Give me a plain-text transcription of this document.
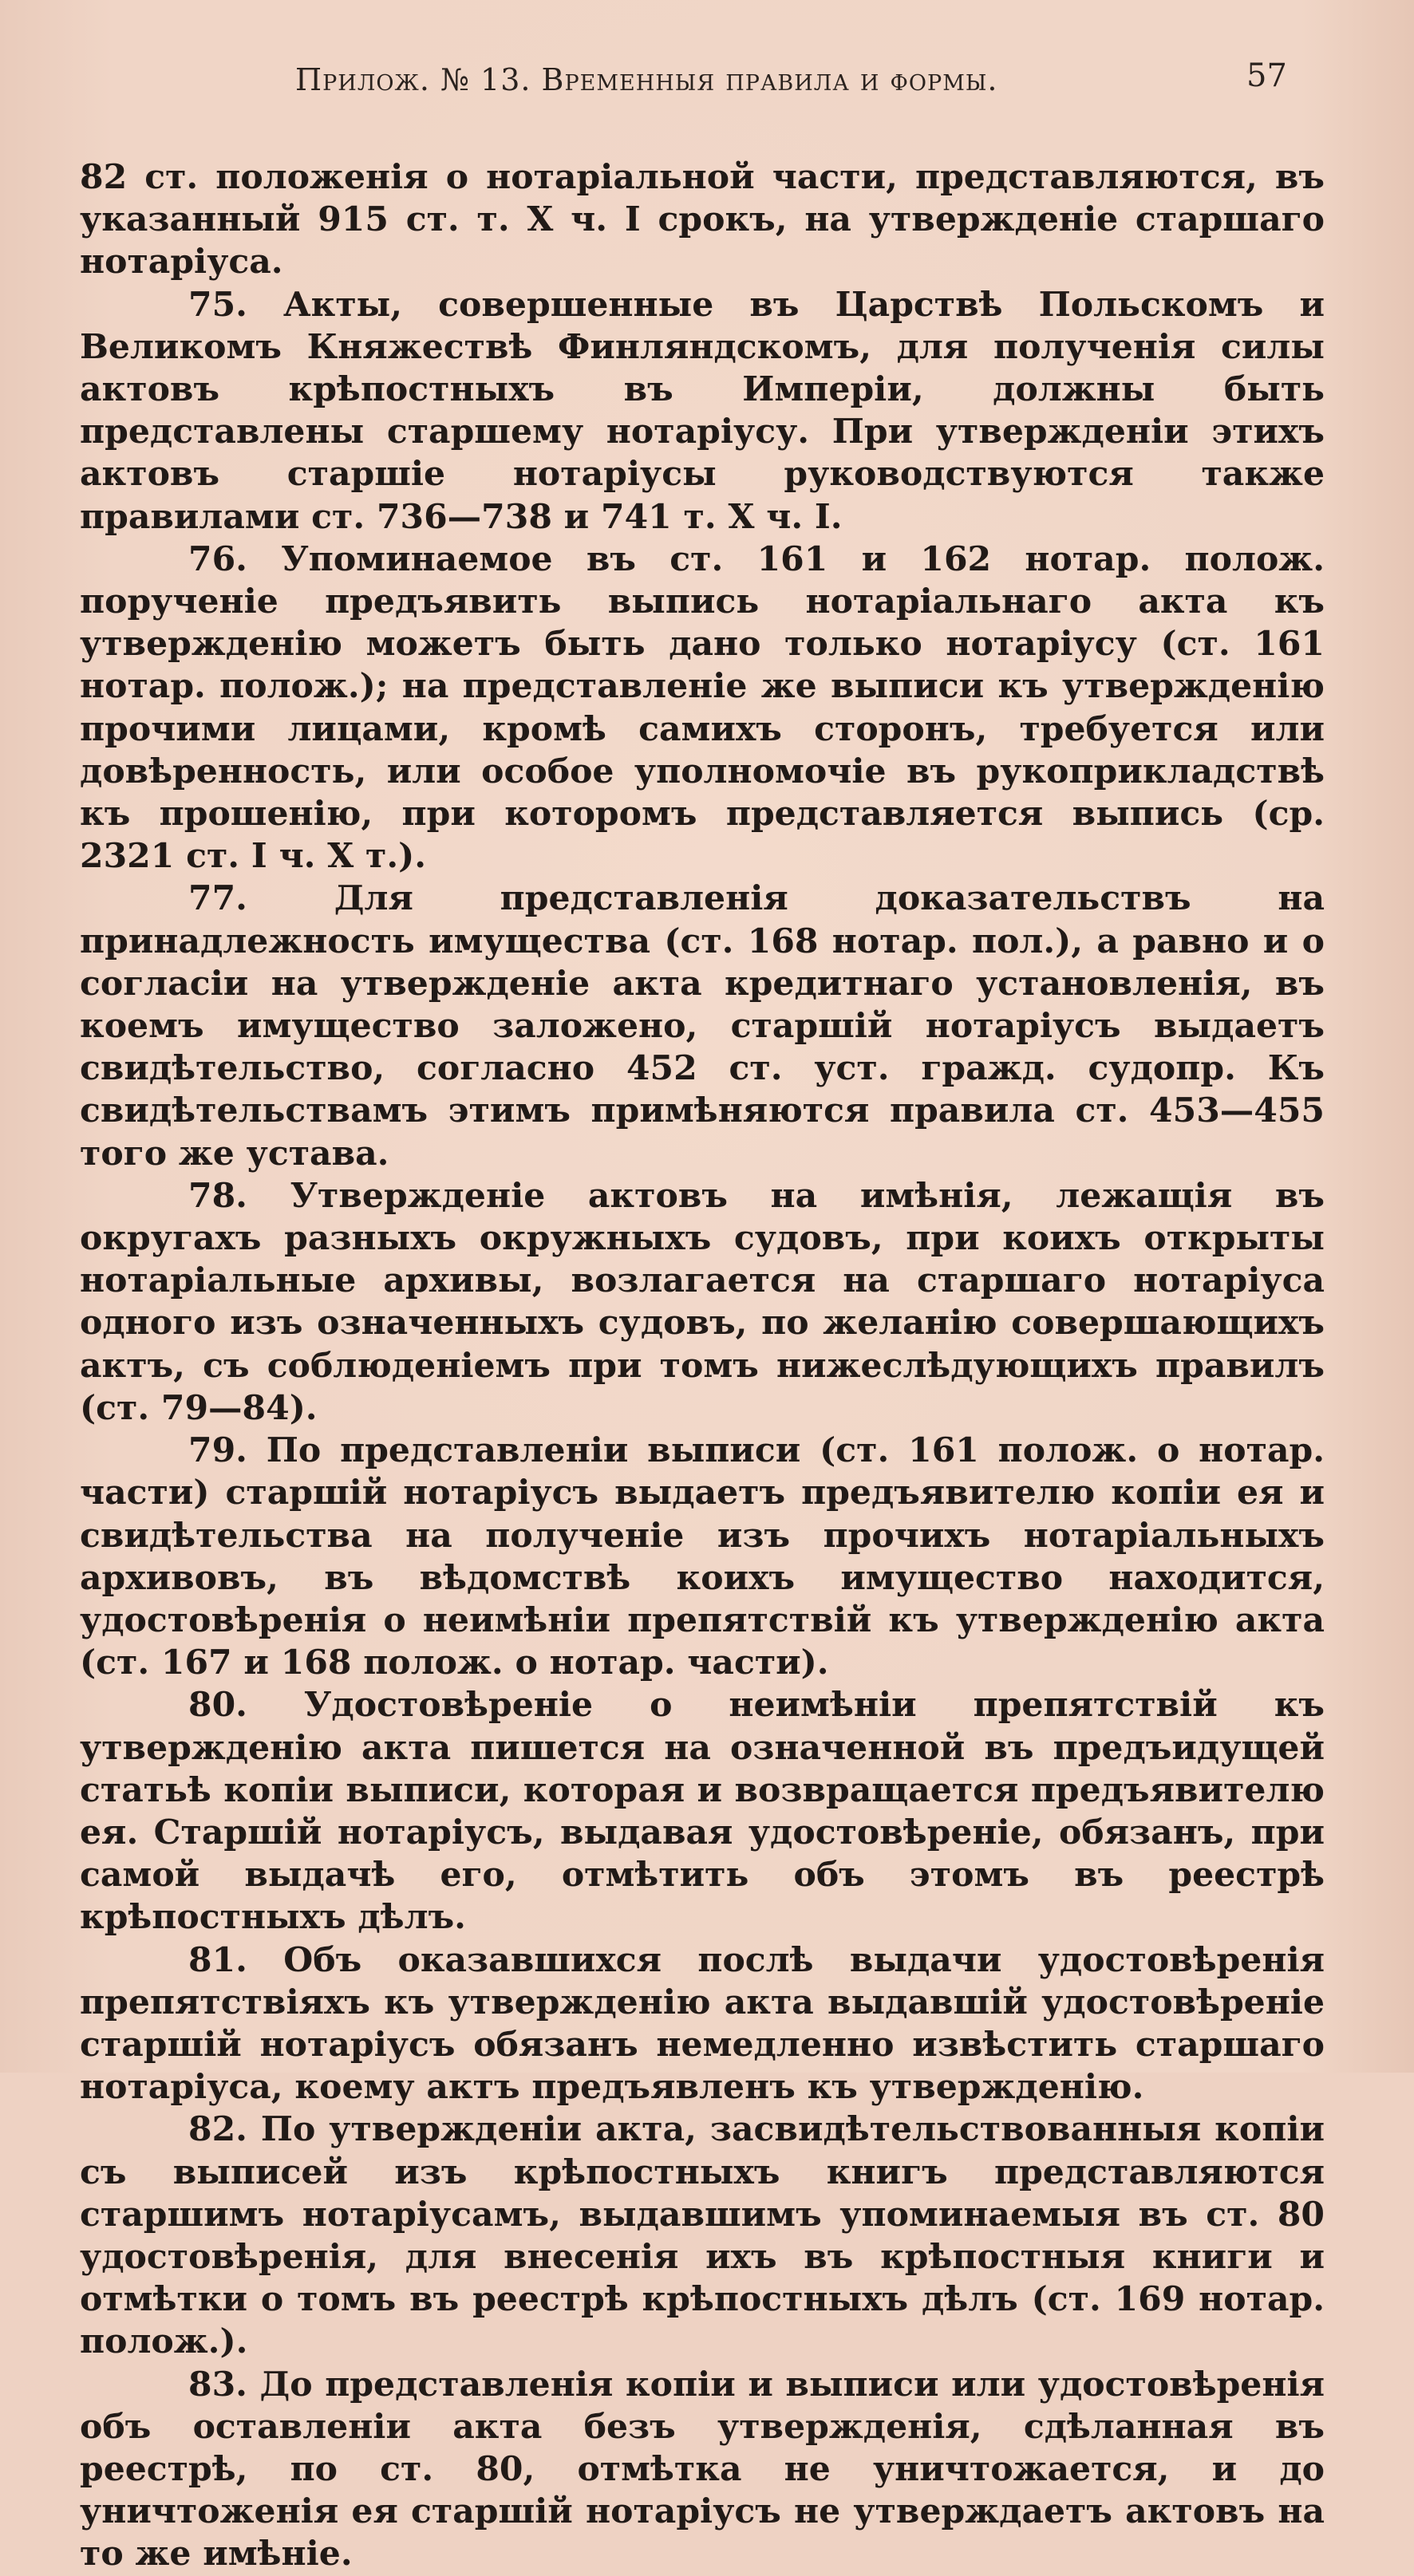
Прилож. № 13. Временныя правила и формы.	57

82 ст. положенія о нотаріальной части, представляются, въ указанный 915 ст. т. X ч. I срокъ, на утвержденіе старшаго нотаріуса.

75. Акты, совершенные въ Царствѣ Польскомъ и Великомъ Княжествѣ Финляндскомъ, для полученія силы актовъ крѣпостныхъ въ Имперіи, должны быть представлены старшему нотаріусу. При утвержденіи этихъ актовъ старшіе нотаріусы руководствуются также правилами ст. 736—738 и 741 т. X ч. I.

76. Упоминаемое въ ст. 161 и 162 нотар. полож. порученіе предъявить выпись нотаріальнаго акта къ утвержденію можетъ быть дано только нотаріусу (ст. 161 нотар. полож.); на представленіе же выписи къ утвержденію прочими лицами, кромѣ самихъ сторонъ, требуется или довѣренность, или особое уполномочіе въ рукоприкладствѣ къ прошенію, при которомъ представляется выпись (ср. 2321 ст. I ч. X т.).

77. Для представленія доказательствъ на принадлежность имущества (ст. 168 нотар. пол.), а равно и о согласіи на утвержденіе акта кредитнаго установленія, въ коемъ имущество заложено, старшій нотаріусъ выдаетъ свидѣтельство, согласно 452 ст. уст. гражд. судопр. Къ свидѣтельствамъ этимъ примѣняются правила ст. 453—455 того же устава.

78. Утвержденіе актовъ на имѣнія, лежащія въ округахъ разныхъ окружныхъ судовъ, при коихъ открыты нотаріальные архивы, возлагается на старшаго нотаріуса одного изъ означенныхъ судовъ, по желанію совершающихъ актъ, съ соблюденіемъ при томъ нижеслѣдующихъ правилъ (ст. 79—84).

79. По представленіи выписи (ст. 161 полож. о нотар. части) старшій нотаріусъ выдаетъ предъявителю копіи ея и свидѣтельства на полученіе изъ прочихъ нотаріальныхъ архивовъ, въ вѣдомствѣ коихъ имущество находится, удостовѣренія о неимѣніи препятствій къ утвержденію акта (ст. 167 и 168 полож. о нотар. части).

80. Удостовѣреніе о неимѣніи препятствій къ утвержденію акта пишется на означенной въ предъидущей статьѣ копіи выписи, которая и возвращается предъявителю ея. Старшій нотаріусъ, выдавая удостовѣреніе, обязанъ, при самой выдачѣ его, отмѣтить объ этомъ въ реестрѣ крѣпостныхъ дѣлъ.

81. Объ оказавшихся послѣ выдачи удостовѣренія препятствіяхъ къ утвержденію акта выдавшій удостовѣреніе старшій нотаріусъ обязанъ немедленно извѣстить старшаго нотаріуса, коему актъ предъявленъ къ утвержденію.

82. По утвержденіи акта, засвидѣтельствованныя копіи съ выписей изъ крѣпостныхъ книгъ представляются старшимъ нотаріусамъ, выдавшимъ упоминаемыя въ ст. 80 удостовѣренія, для внесенія ихъ въ крѣпостныя книги и отмѣтки о томъ въ реестрѣ крѣпостныхъ дѣлъ (ст. 169 нотар. полож.).

83. До представленія копіи и выписи или удостовѣренія объ оставленіи акта безъ утвержденія, сдѣланная въ реестрѣ, по ст. 80, отмѣтка не уничтожается, и до уничтоженія ея старшій нотаріусъ не утверждаетъ актовъ на то же имѣніе.
